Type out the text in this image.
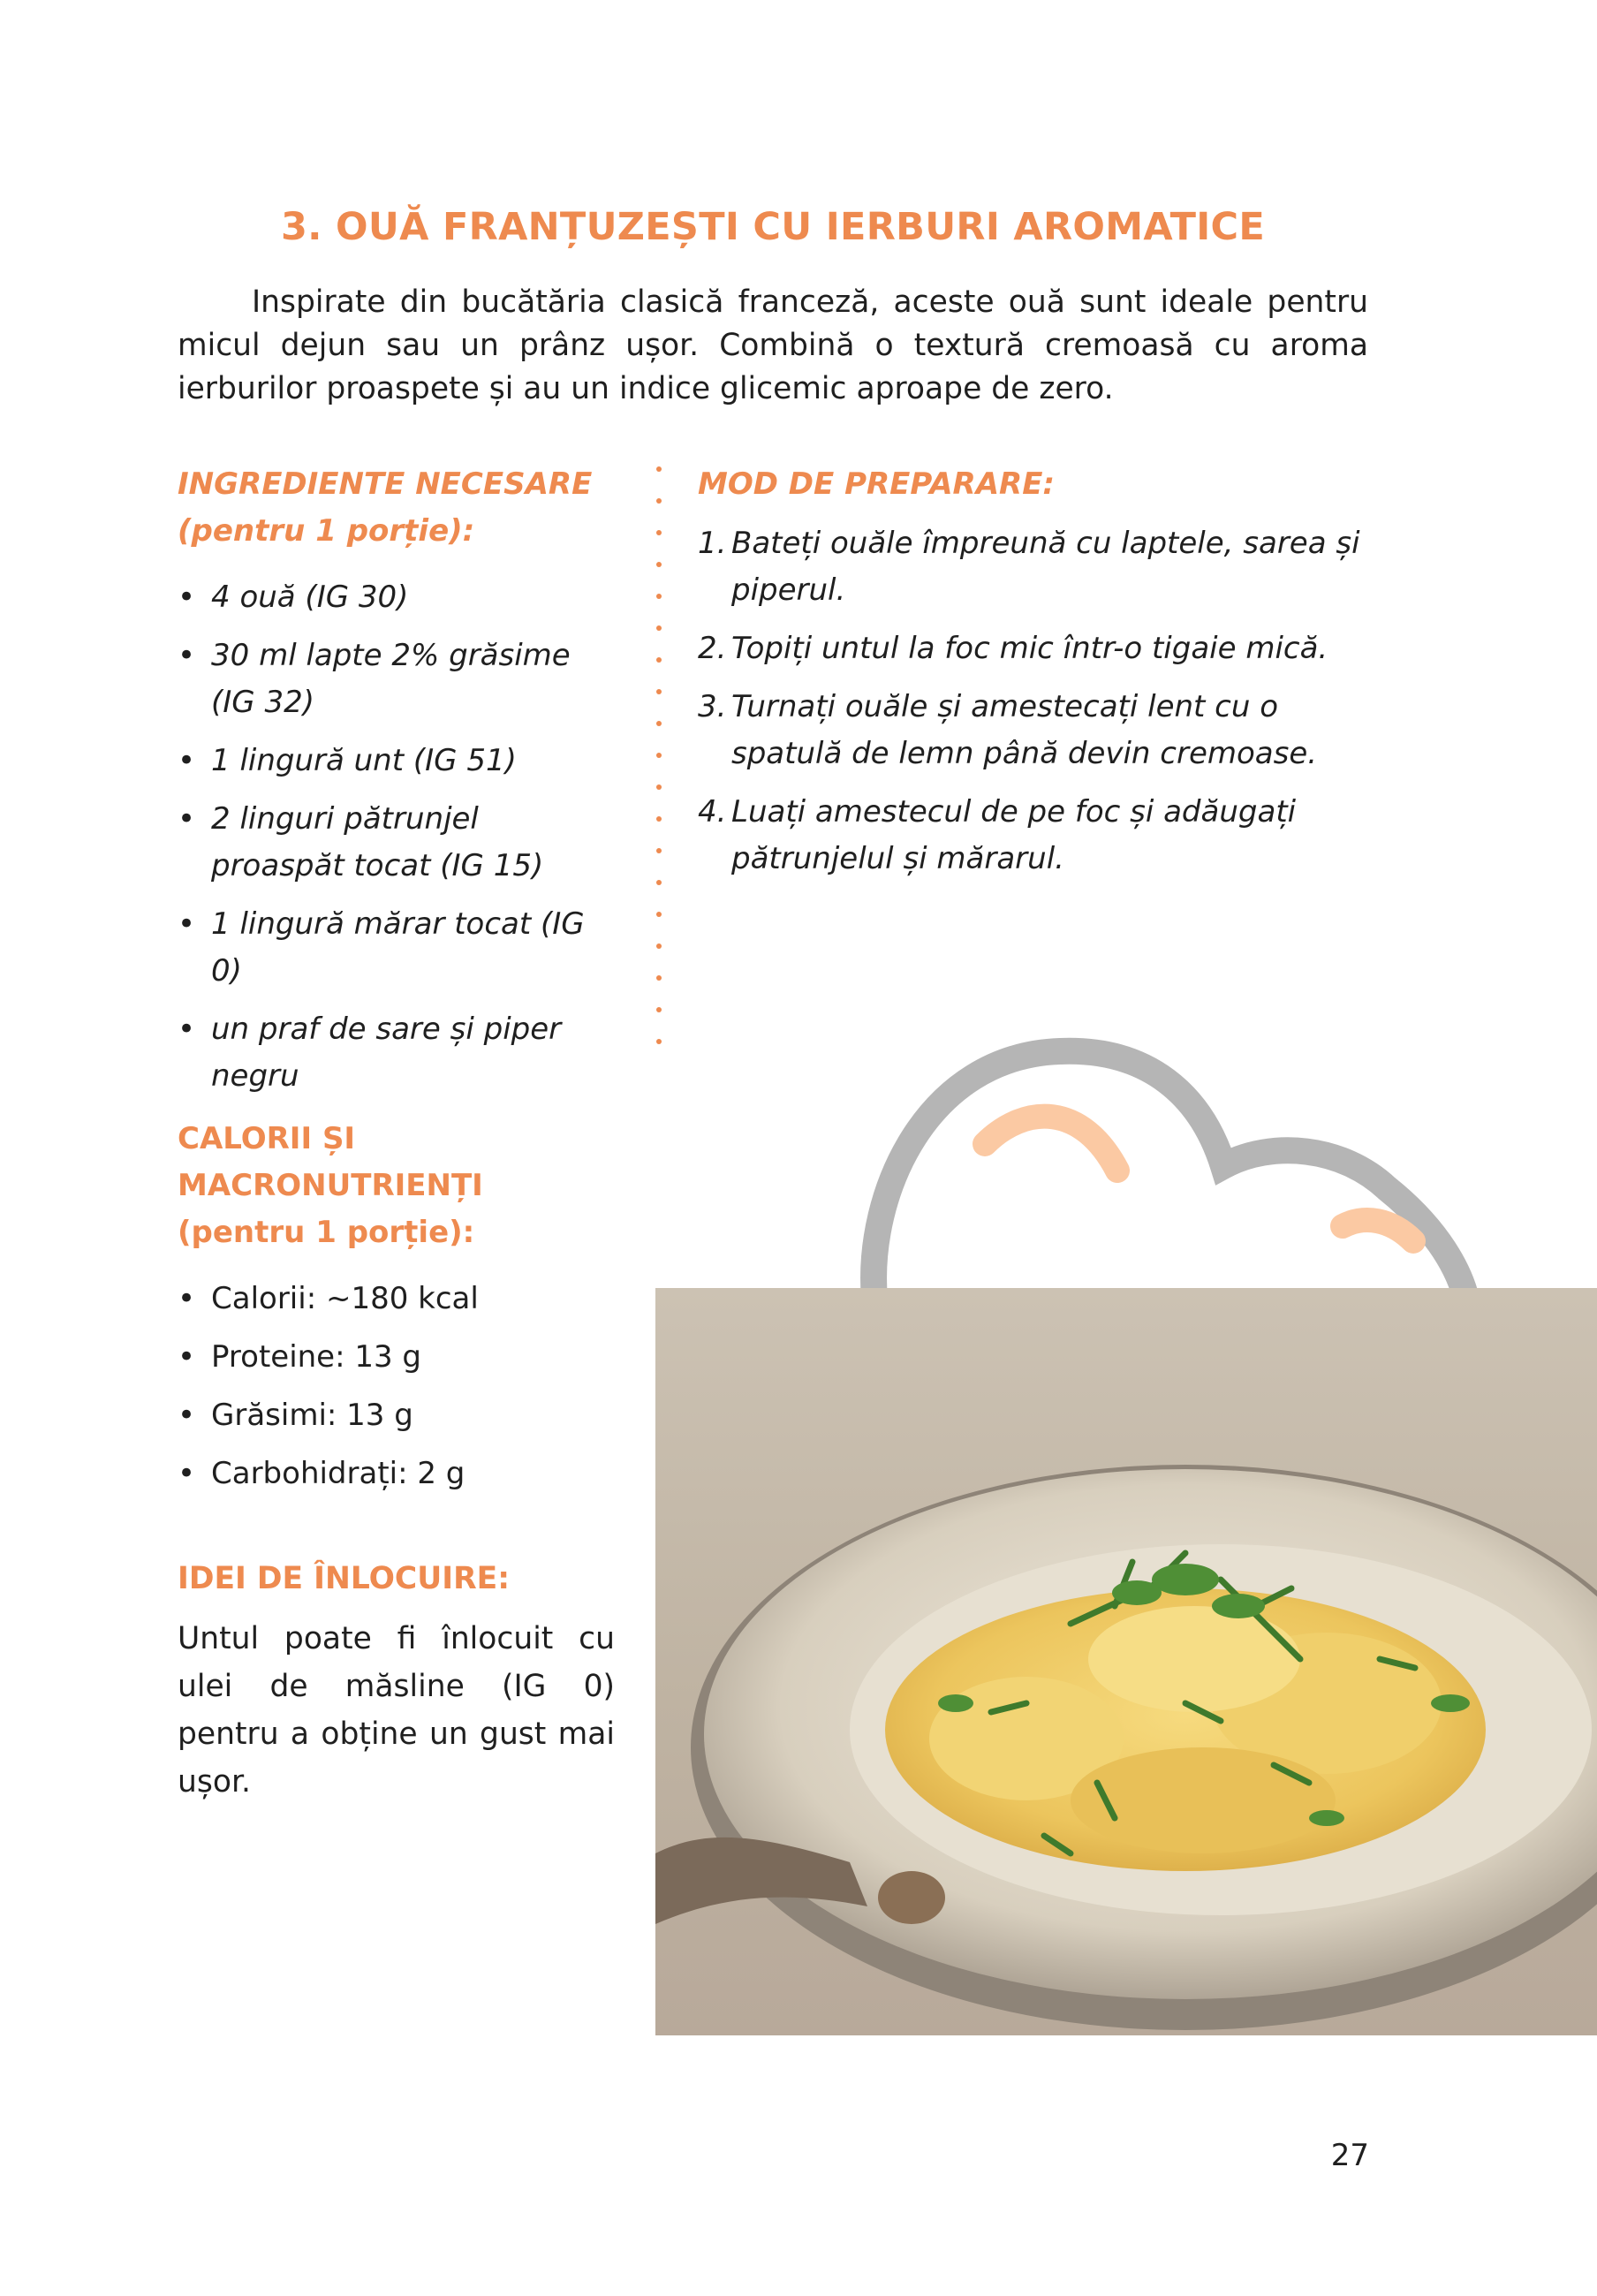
3. OUĂ FRANȚUZEȘTI CU IERBURI AROMATICE
Inspirate din bucătăria clasică franceză, aceste ouă sunt ideale pentru micul dejun sau un prânz ușor. Combină o textură cremoasă cu aroma ierburilor proaspete și au un indice glicemic aproape de zero.

INGREDIENTE NECESARE

(pentru 1 porție):

• 4 ouă (IG 30)
• 30 ml lapte 2% grăsime (IG 32)
• 1 lingură unt (IG 51)
• 2 linguri pătrunjel proaspăt tocat (IG 15)
• 1 lingură mărar tocat (IG 0)
• un praf de sare și piper negru

MOD DE PREPARARE:

1. Bateți ouăle împreună cu laptele, sarea și piperul.
2. Topiți untul la foc mic într-o tigaie mică.
3. Turnați ouăle și amestecați lent cu o spatulă de lemn până devin cremoase.
4. Luați amestecul de pe foc și adăugați pătrunjelul și mărarul.

CALORII ȘI

MACRONUTRIENȚI

(pentru 1 porție):

• Calorii: ~180 kcal
• Proteine: 13 g
• Grăsimi: 13 g
• Carbohidrați: 2 g

IDEI DE ÎNLOCUIRE:

Untul poate fi înlocuit cu ulei de măsline (IG 0) pentru a obține un gust mai ușor.

27
